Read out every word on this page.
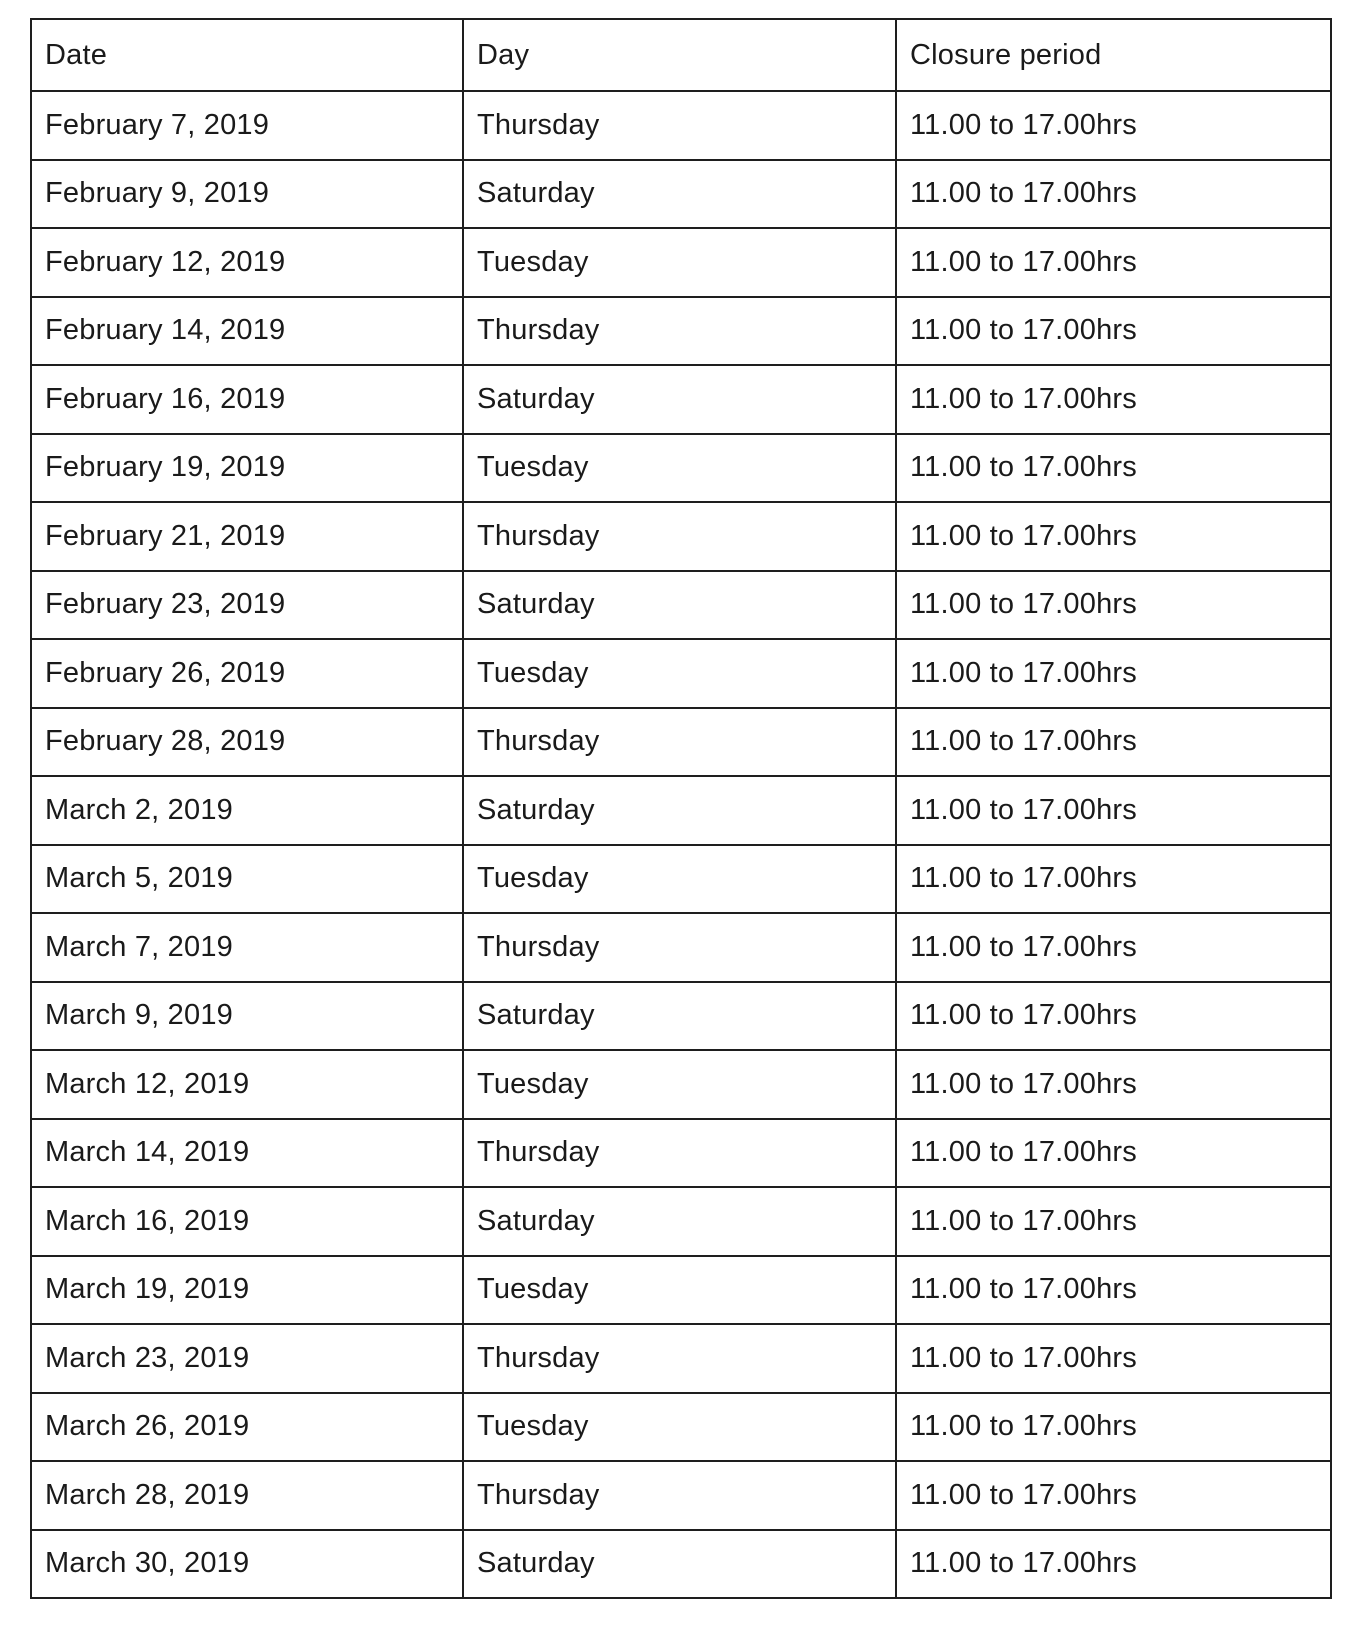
Date	Day	Closure period
February 7, 2019	Thursday	11.00 to 17.00hrs
February 9, 2019	Saturday	11.00 to 17.00hrs
February 12, 2019	Tuesday	11.00 to 17.00hrs
February 14, 2019	Thursday	11.00 to 17.00hrs
February 16, 2019	Saturday	11.00 to 17.00hrs
February 19, 2019	Tuesday	11.00 to 17.00hrs
February 21, 2019	Thursday	11.00 to 17.00hrs
February 23, 2019	Saturday	11.00 to 17.00hrs
February 26, 2019	Tuesday	11.00 to 17.00hrs
February 28, 2019	Thursday	11.00 to 17.00hrs
March 2, 2019	Saturday	11.00 to 17.00hrs
March 5, 2019	Tuesday	11.00 to 17.00hrs
March 7, 2019	Thursday	11.00 to 17.00hrs
March 9, 2019	Saturday	11.00 to 17.00hrs
March 12, 2019	Tuesday	11.00 to 17.00hrs
March 14, 2019	Thursday	11.00 to 17.00hrs
March 16, 2019	Saturday	11.00 to 17.00hrs
March 19, 2019	Tuesday	11.00 to 17.00hrs
March 23, 2019	Thursday	11.00 to 17.00hrs
March 26, 2019	Tuesday	11.00 to 17.00hrs
March 28, 2019	Thursday	11.00 to 17.00hrs
March 30, 2019	Saturday	11.00 to 17.00hrs
